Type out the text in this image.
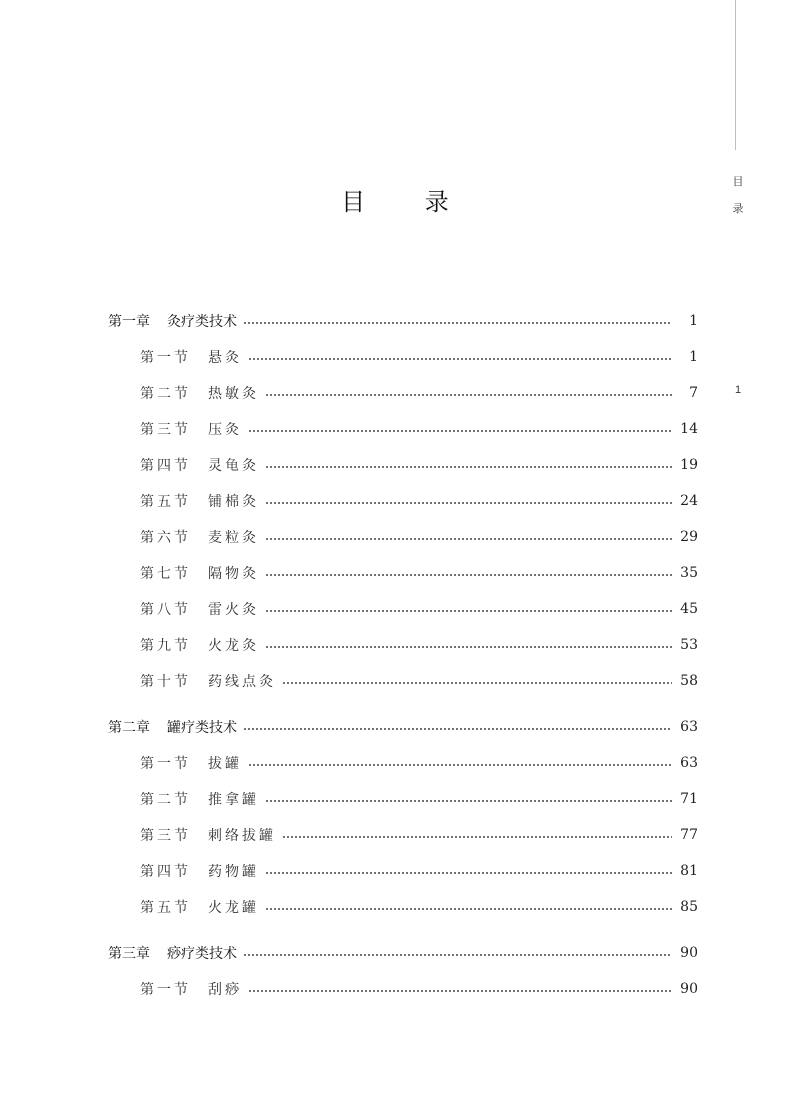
目
录
1
目 录
第一章 灸疗类技术	1
第一节 悬灸	1
第二节 热敏灸	7
第三节 压灸	14
第四节 灵龟灸	19
第五节 铺棉灸	24
第六节 麦粒灸	29
第七节 隔物灸	35
第八节 雷火灸	45
第九节 火龙灸	53
第十节 药线点灸	58
第二章 罐疗类技术	63
第一节 拔罐	63
第二节 推拿罐	71
第三节 刺络拔罐	77
第四节 药物罐	81
第五节 火龙罐	85
第三章 痧疗类技术	90
第一节 刮痧	90
